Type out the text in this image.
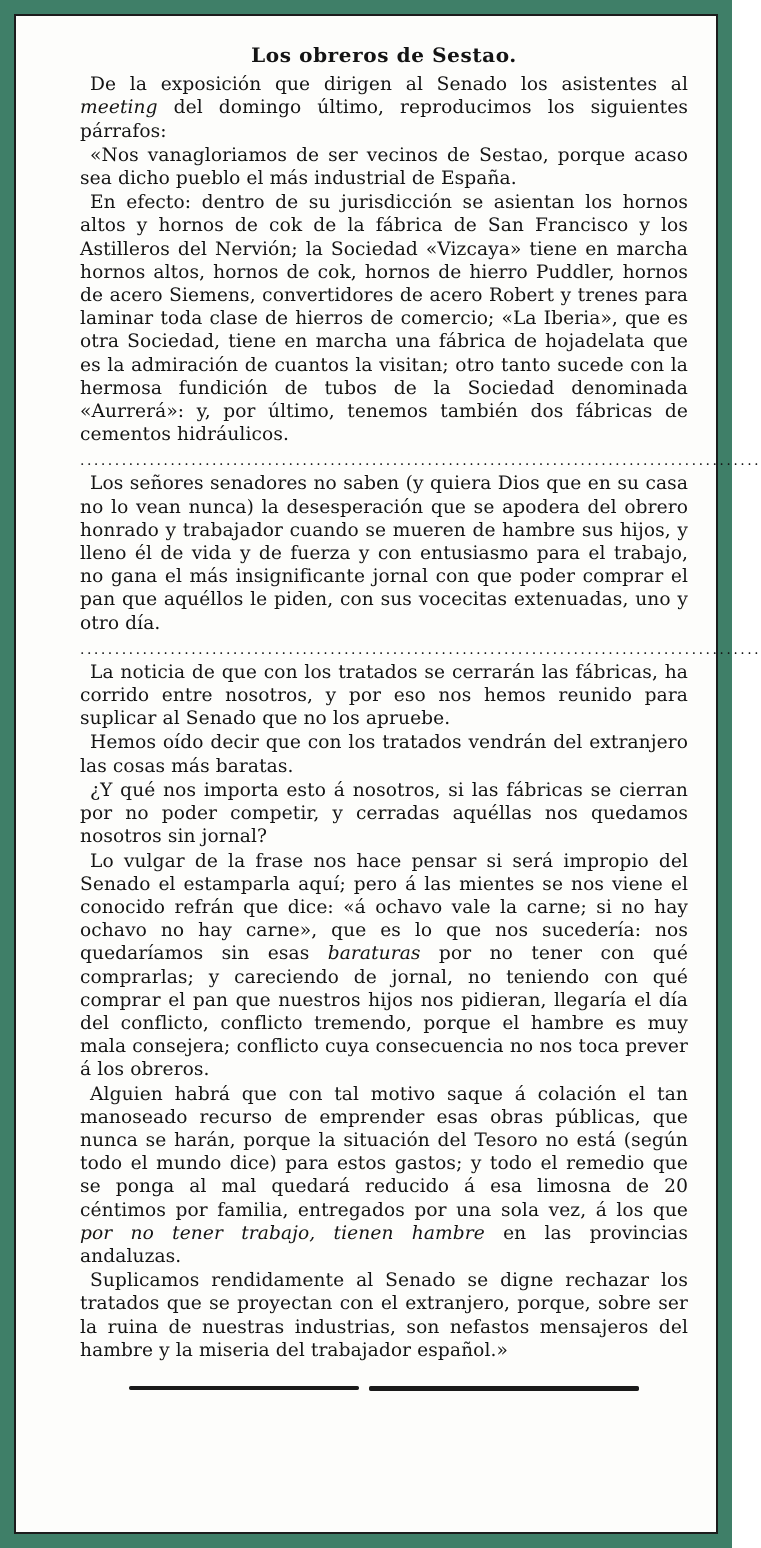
Los obreros de Sestao.

De la exposición que dirigen al Senado los asistentes al meeting del domingo último, reproducimos los siguientes párrafos:

«Nos vanagloriamos de ser vecinos de Sestao, porque acaso sea dicho pueblo el más industrial de España.

En efecto: dentro de su jurisdicción se asientan los hornos altos y hornos de cok de la fábrica de San Francisco y los Astilleros del Nervión; la Sociedad «Vizcaya» tiene en marcha hornos altos, hornos de cok, hornos de hierro Puddler, hornos de acero Siemens, convertidores de acero Robert y trenes para laminar toda clase de hierros de comercio; «La Iberia», que es otra Sociedad, tiene en marcha una fábrica de hojadelata que es la admiración de cuantos la visitan; otro tanto sucede con la hermosa fundición de tubos de la Sociedad denominada «Aurrerá»: y, por último, tenemos también dos fábricas de cementos hidráulicos.

..................................................................................................

Los señores senadores no saben (y quiera Dios que en su casa no lo vean nunca) la desesperación que se apodera del obrero honrado y trabajador cuando se mueren de hambre sus hijos, y lleno él de vida y de fuerza y con entusiasmo para el trabajo, no gana el más insignificante jornal con que poder comprar el pan que aquéllos le piden, con sus vocecitas extenuadas, uno y otro día.

..................................................................................................

La noticia de que con los tratados se cerrarán las fábricas, ha corrido entre nosotros, y por eso nos hemos reunido para suplicar al Senado que no los apruebe.

Hemos oído decir que con los tratados vendrán del extranjero las cosas más baratas.

¿Y qué nos importa esto á nosotros, si las fábricas se cierran por no poder competir, y cerradas aquéllas nos quedamos nosotros sin jornal?

Lo vulgar de la frase nos hace pensar si será impropio del Senado el estamparla aquí; pero á las mientes se nos viene el conocido refrán que dice: «á ochavo vale la carne; si no hay ochavo no hay carne», que es lo que nos sucedería: nos quedaríamos sin esas baraturas por no tener con qué comprarlas; y careciendo de jornal, no teniendo con qué comprar el pan que nuestros hijos nos pidieran, llegaría el día del conflicto, conflicto tremendo, porque el hambre es muy mala consejera; conflicto cuya consecuencia no nos toca prever á los obreros.

Alguien habrá que con tal motivo saque á colación el tan manoseado recurso de emprender esas obras públicas, que nunca se harán, porque la situación del Tesoro no está (según todo el mundo dice) para estos gastos; y todo el remedio que se ponga al mal quedará reducido á esa limosna de 20 céntimos por familia, entregados por una sola vez, á los que por no tener trabajo, tienen hambre en las provincias andaluzas.

Suplicamos rendidamente al Senado se digne rechazar los tratados que se proyectan con el extranjero, porque, sobre ser la ruina de nuestras industrias, son nefastos mensajeros del hambre y la miseria del trabajador español.»
